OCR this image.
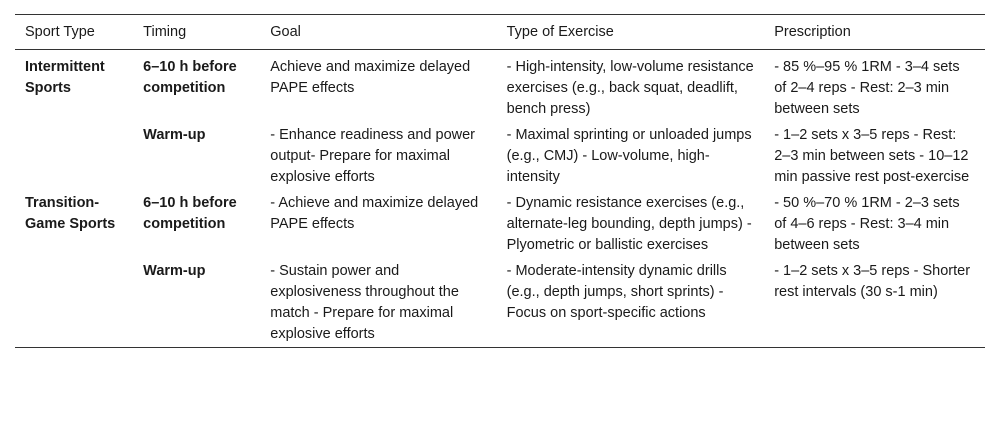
Sport Type	Timing	Goal	Type of Exercise	Prescription
Intermittent Sports	6–10 h before competition	Achieve and maximize delayed PAPE effects	- High-intensity, low-volume resistance exercises (e.g., back squat, deadlift, bench press)	- 85 %–95 % 1RM - 3–4 sets of 2–4 reps - Rest: 2–3 min between sets
	Warm-up	- Enhance readiness and power output- Prepare for maximal explosive efforts	- Maximal sprinting or unloaded jumps (e.g., CMJ) - Low-volume, high-intensity	- 1–2 sets x 3–5 reps - Rest: 2–3 min between sets - 10–12 min passive rest post-exercise
Transition-Game Sports	6–10 h before competition	- Achieve and maximize delayed PAPE effects	- Dynamic resistance exercises (e.g., alternate-leg bounding, depth jumps) - Plyometric or ballistic exercises	- 50 %–70 % 1RM - 2–3 sets of 4–6 reps - Rest: 3–4 min between sets
	Warm-up	- Sustain power and explosiveness throughout the match - Prepare for maximal explosive efforts	- Moderate-intensity dynamic drills (e.g., depth jumps, short sprints) - Focus on sport-specific actions	- 1–2 sets x 3–5 reps - Shorter rest intervals (30 s-1 min)
